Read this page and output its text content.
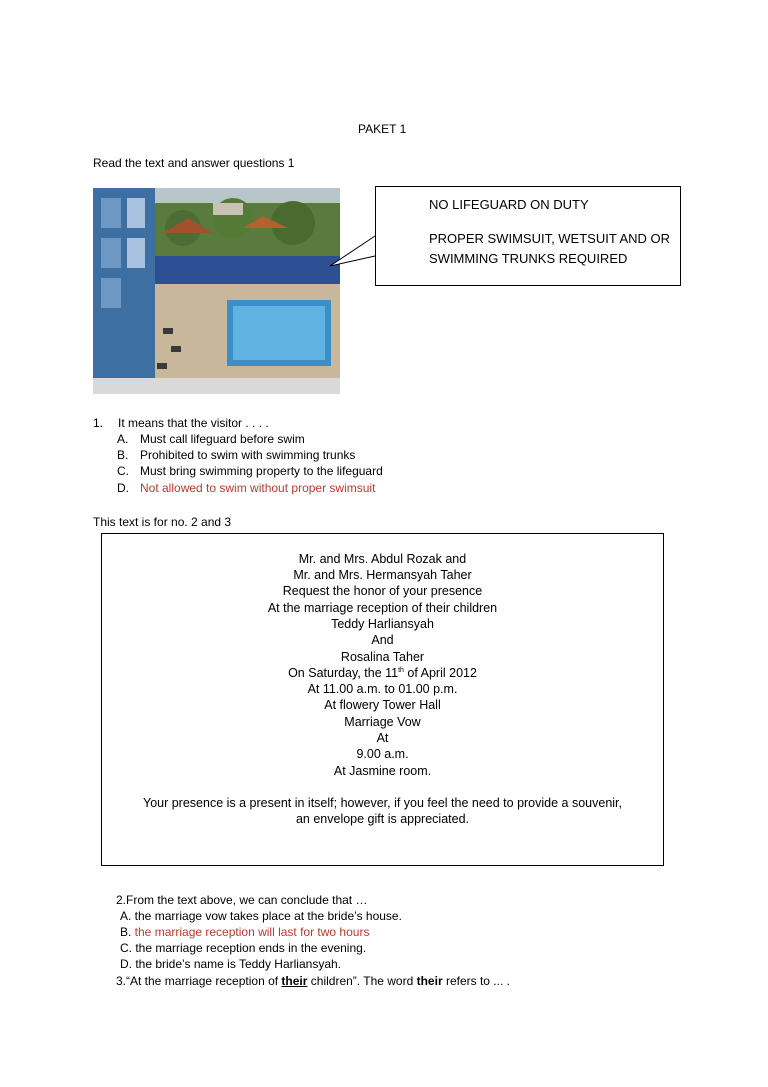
PAKET 1
Read the text and answer questions 1

NO LIFEGUARD ON DUTY

PROPER SWIMSUIT, WETSUIT AND OR

SWIMMING TRUNKS REQUIRED

1. It means that the visitor . . . .
A. Must call lifeguard before swim
B. Prohibited to swim with swimming trunks
C. Must bring swimming property to the lifeguard
D. Not allowed to swim without proper swimsuit
This text is for no. 2 and 3
Mr. and Mrs. Abdul Rozak and
Mr. and Mrs. Hermansyah Taher
Request the honor of your presence
At the marriage reception of their children
Teddy Harliansyah
And
Rosalina Taher
On Saturday, the 11th of April 2012
At 11.00 a.m. to 01.00 p.m.
At flowery Tower Hall
Marriage Vow
At
9.00 a.m.
At Jasmine room.
Your presence is a present in itself; however, if you feel the need to provide a souvenir,
an envelope gift is appreciated.
2.From the text above, we can conclude that …
A. the marriage vow takes place at the bride’s house.
B. the marriage reception will last for two hours
C. the marriage reception ends in the evening.
D. the bride’s name is Teddy Harliansyah.
3.“At the marriage reception of their children”. The word their refers to ... .
